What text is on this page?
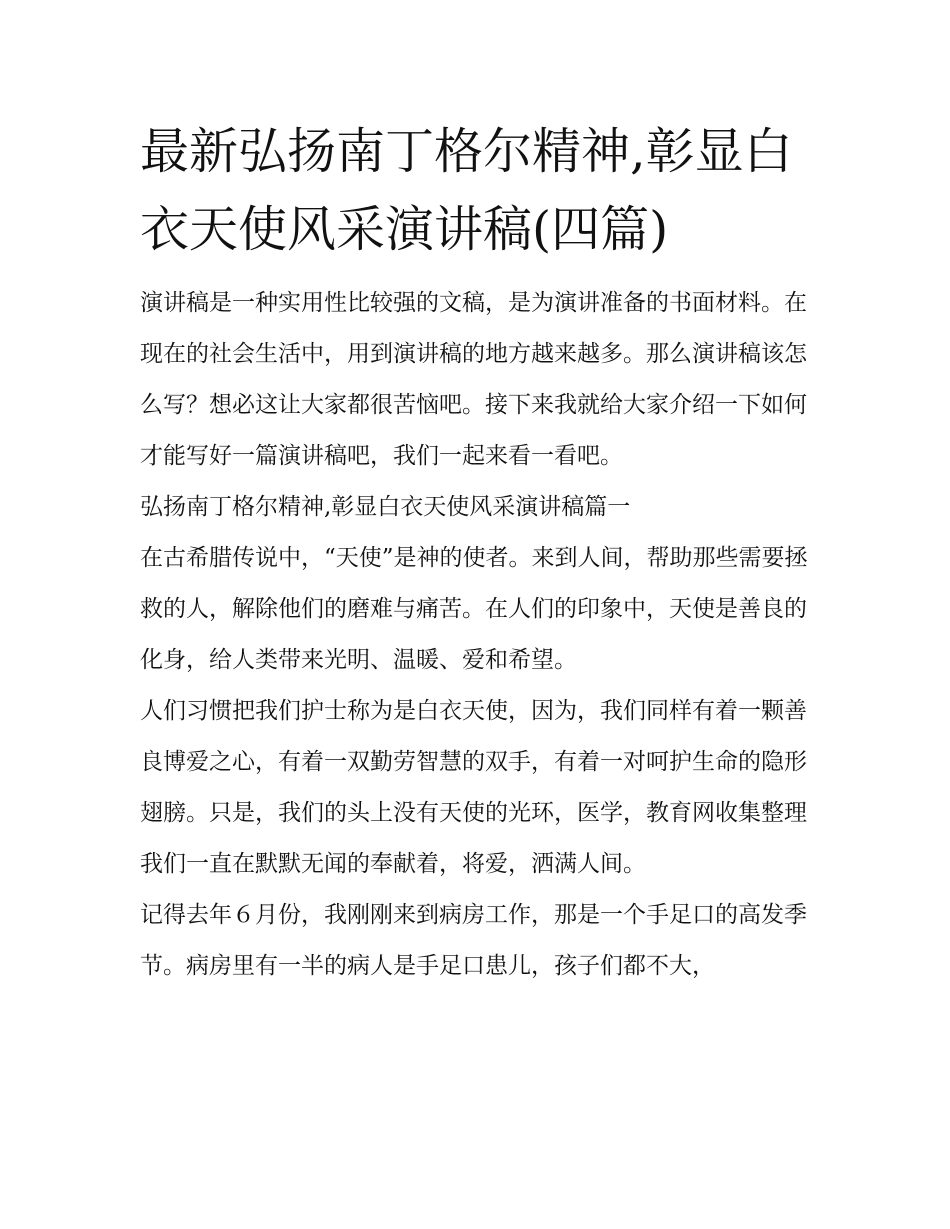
最新弘扬南丁格尔精神,彰显白衣天使风采演讲稿(四篇)

演讲稿是一种实用性比较强的文稿，是为演讲准备的书面材料。在现在的社会生活中，用到演讲稿的地方越来越多。那么演讲稿该怎么写？想必这让大家都很苦恼吧。接下来我就给大家介绍一下如何才能写好一篇演讲稿吧，我们一起来看一看吧。

弘扬南丁格尔精神,彰显白衣天使风采演讲稿篇一

在古希腊传说中，“天使”是神的使者。来到人间，帮助那些需要拯救的人，解除他们的磨难与痛苦。在人们的印象中，天使是善良的化身，给人类带来光明、温暖、爱和希望。

人们习惯把我们护士称为是白衣天使，因为，我们同样有着一颗善良博爱之心，有着一双勤劳智慧的双手，有着一对呵护生命的隐形翅膀。只是，我们的头上没有天使的光环，医学，教育网收集整理我们一直在默默无闻的奉献着，将爱，洒满人间。

记得去年６月份，我刚刚来到病房工作，那是一个手足口的高发季节。病房里有一半的病人是手足口患儿，孩子们都不大，
